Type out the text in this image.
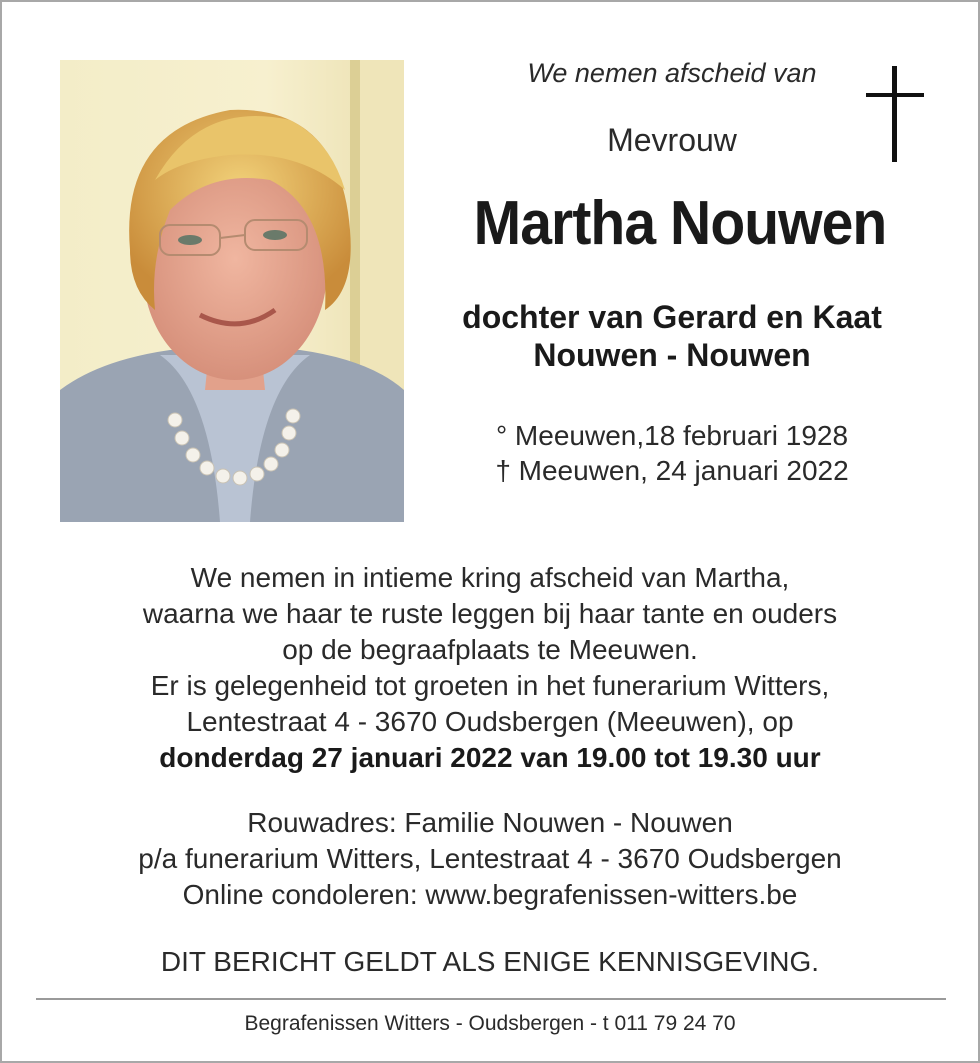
We nemen afscheid van
Mevrouw
Martha Nouwen
dochter van Gerard en Kaat
Nouwen - Nouwen
° Meeuwen,18 februari 1928
† Meeuwen, 24 januari 2022
We nemen in intieme kring afscheid van Martha,
waarna we haar te ruste leggen bij haar tante en ouders
op de begraafplaats te Meeuwen.
Er is gelegenheid tot groeten in het funerarium Witters,
Lentestraat 4 - 3670 Oudsbergen (Meeuwen), op
donderdag 27 januari 2022 van 19.00 tot 19.30 uur
Rouwadres: Familie Nouwen - Nouwen
p/a funerarium Witters, Lentestraat 4 - 3670 Oudsbergen
Online condoleren: www.begrafenissen-witters.be
DIT BERICHT GELDT ALS ENIGE KENNISGEVING.
Begrafenissen Witters - Oudsbergen - t 011 79 24 70
